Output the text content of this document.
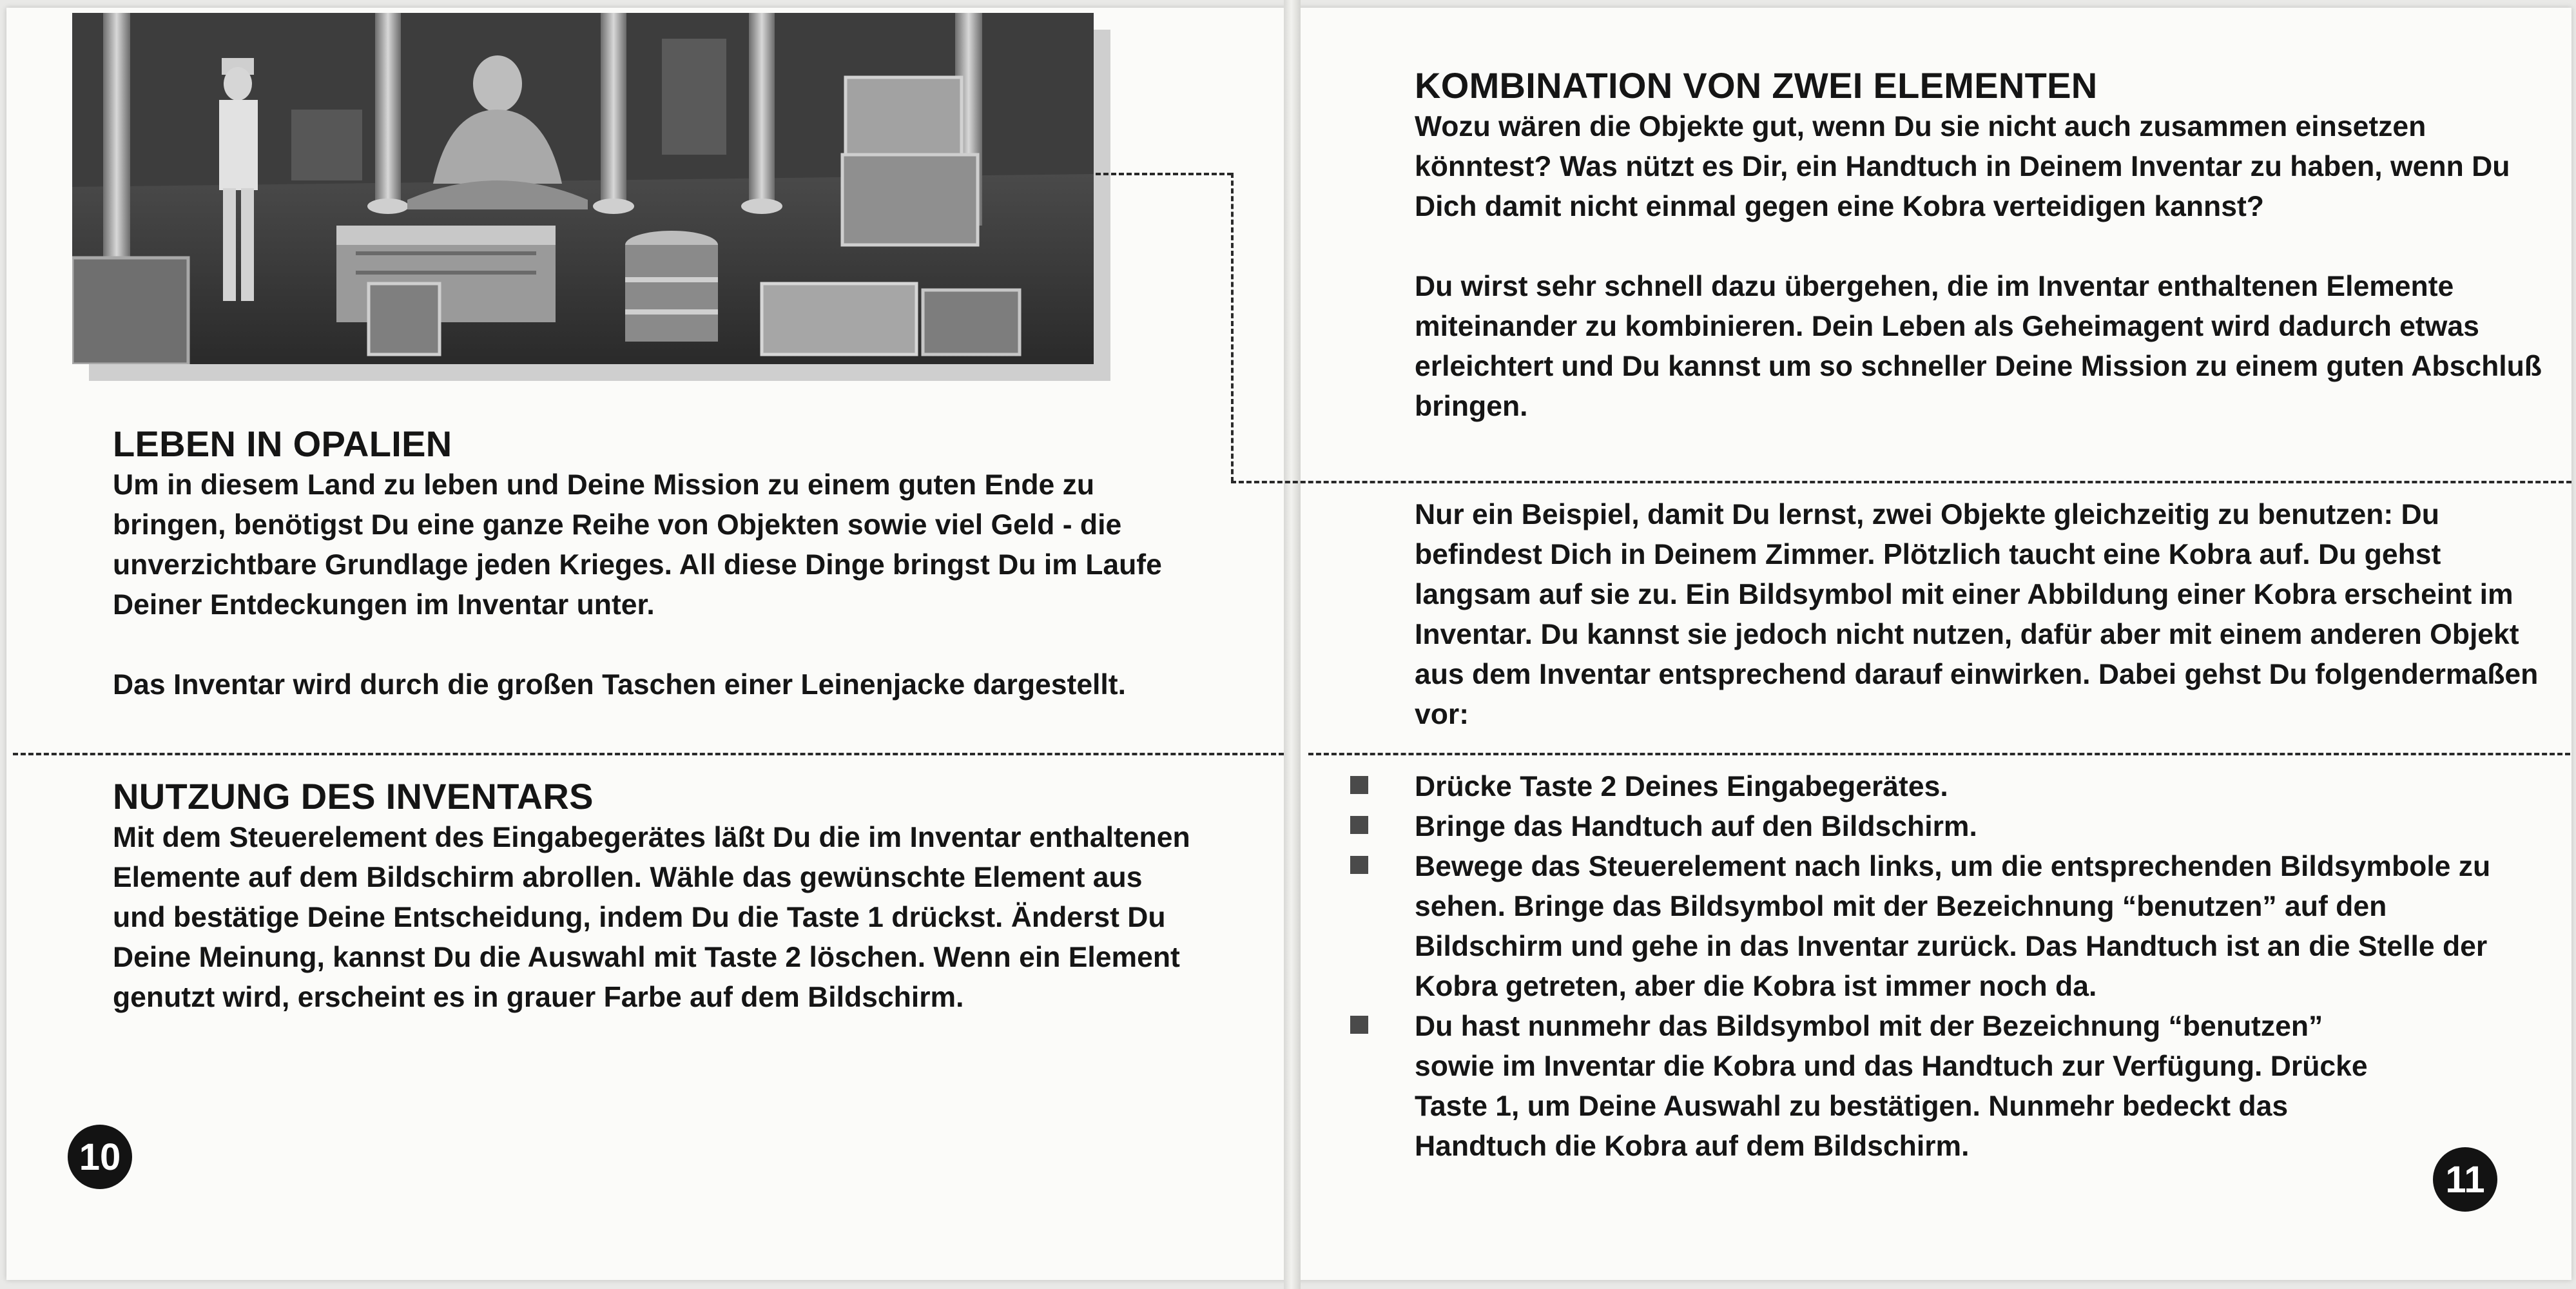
LEBEN IN OPALIEN

Um in diesem Land zu leben und Deine Mission zu einem guten Ende zu bringen, benötigst Du eine ganze Reihe von Objekten sowie viel Geld - die unverzichtbare Grundlage jeden Krieges. All diese Dinge bringst Du im Laufe Deiner Entdeckungen im Inventar unter.

Das Inventar wird durch die großen Taschen einer Leinenjacke dargestellt.

NUTZUNG DES INVENTARS

Mit dem Steuerelement des Eingabegerätes läßt Du die im Inventar enthaltenen Elemente auf dem Bildschirm abrollen. Wähle das gewünschte Element aus und bestätige Deine Entscheidung, indem Du die Taste 1 drückst. Änderst Du Deine Meinung, kannst Du die Auswahl mit Taste 2 löschen. Wenn ein Element genutzt wird, erscheint es in grauer Farbe auf dem Bildschirm.

10
KOMBINATION VON ZWEI ELEMENTEN

Wozu wären die Objekte gut, wenn Du sie nicht auch zusammen einsetzen könntest? Was nützt es Dir, ein Handtuch in Deinem Inventar zu haben, wenn Du Dich damit nicht einmal gegen eine Kobra verteidigen kannst?

Du wirst sehr schnell dazu übergehen, die im Inventar enthaltenen Elemente miteinander zu kombinieren. Dein Leben als Geheimagent wird dadurch etwas erleichtert und Du kannst um so schneller Deine Mission zu einem guten Abschluß bringen.

Nur ein Beispiel, damit Du lernst, zwei Objekte gleichzeitig zu benutzen: Du befindest Dich in Deinem Zimmer. Plötzlich taucht eine Kobra auf. Du gehst langsam auf sie zu. Ein Bildsymbol mit einer Abbildung einer Kobra erscheint im Inventar. Du kannst sie jedoch nicht nutzen, dafür aber mit einem anderen Objekt aus dem Inventar entsprechend darauf einwirken. Dabei gehst Du folgendermaßen vor:

Drücke Taste 2 Deines Eingabegerätes.
Bringe das Handtuch auf den Bildschirm.
Bewege das Steuerelement nach links, um die entsprechenden Bildsymbole zu sehen. Bringe das Bildsymbol mit der Bezeichnung “benutzen” auf den Bildschirm und gehe in das Inventar zurück. Das Handtuch ist an die Stelle der Kobra getreten, aber die Kobra ist immer noch da.
Du hast nunmehr das Bildsymbol mit der Bezeichnung “benutzen” sowie im Inventar die Kobra und das Handtuch zur Verfügung. Drücke Taste 1, um Deine Auswahl zu bestätigen. Nunmehr bedeckt das Handtuch die Kobra auf dem Bildschirm.
11
